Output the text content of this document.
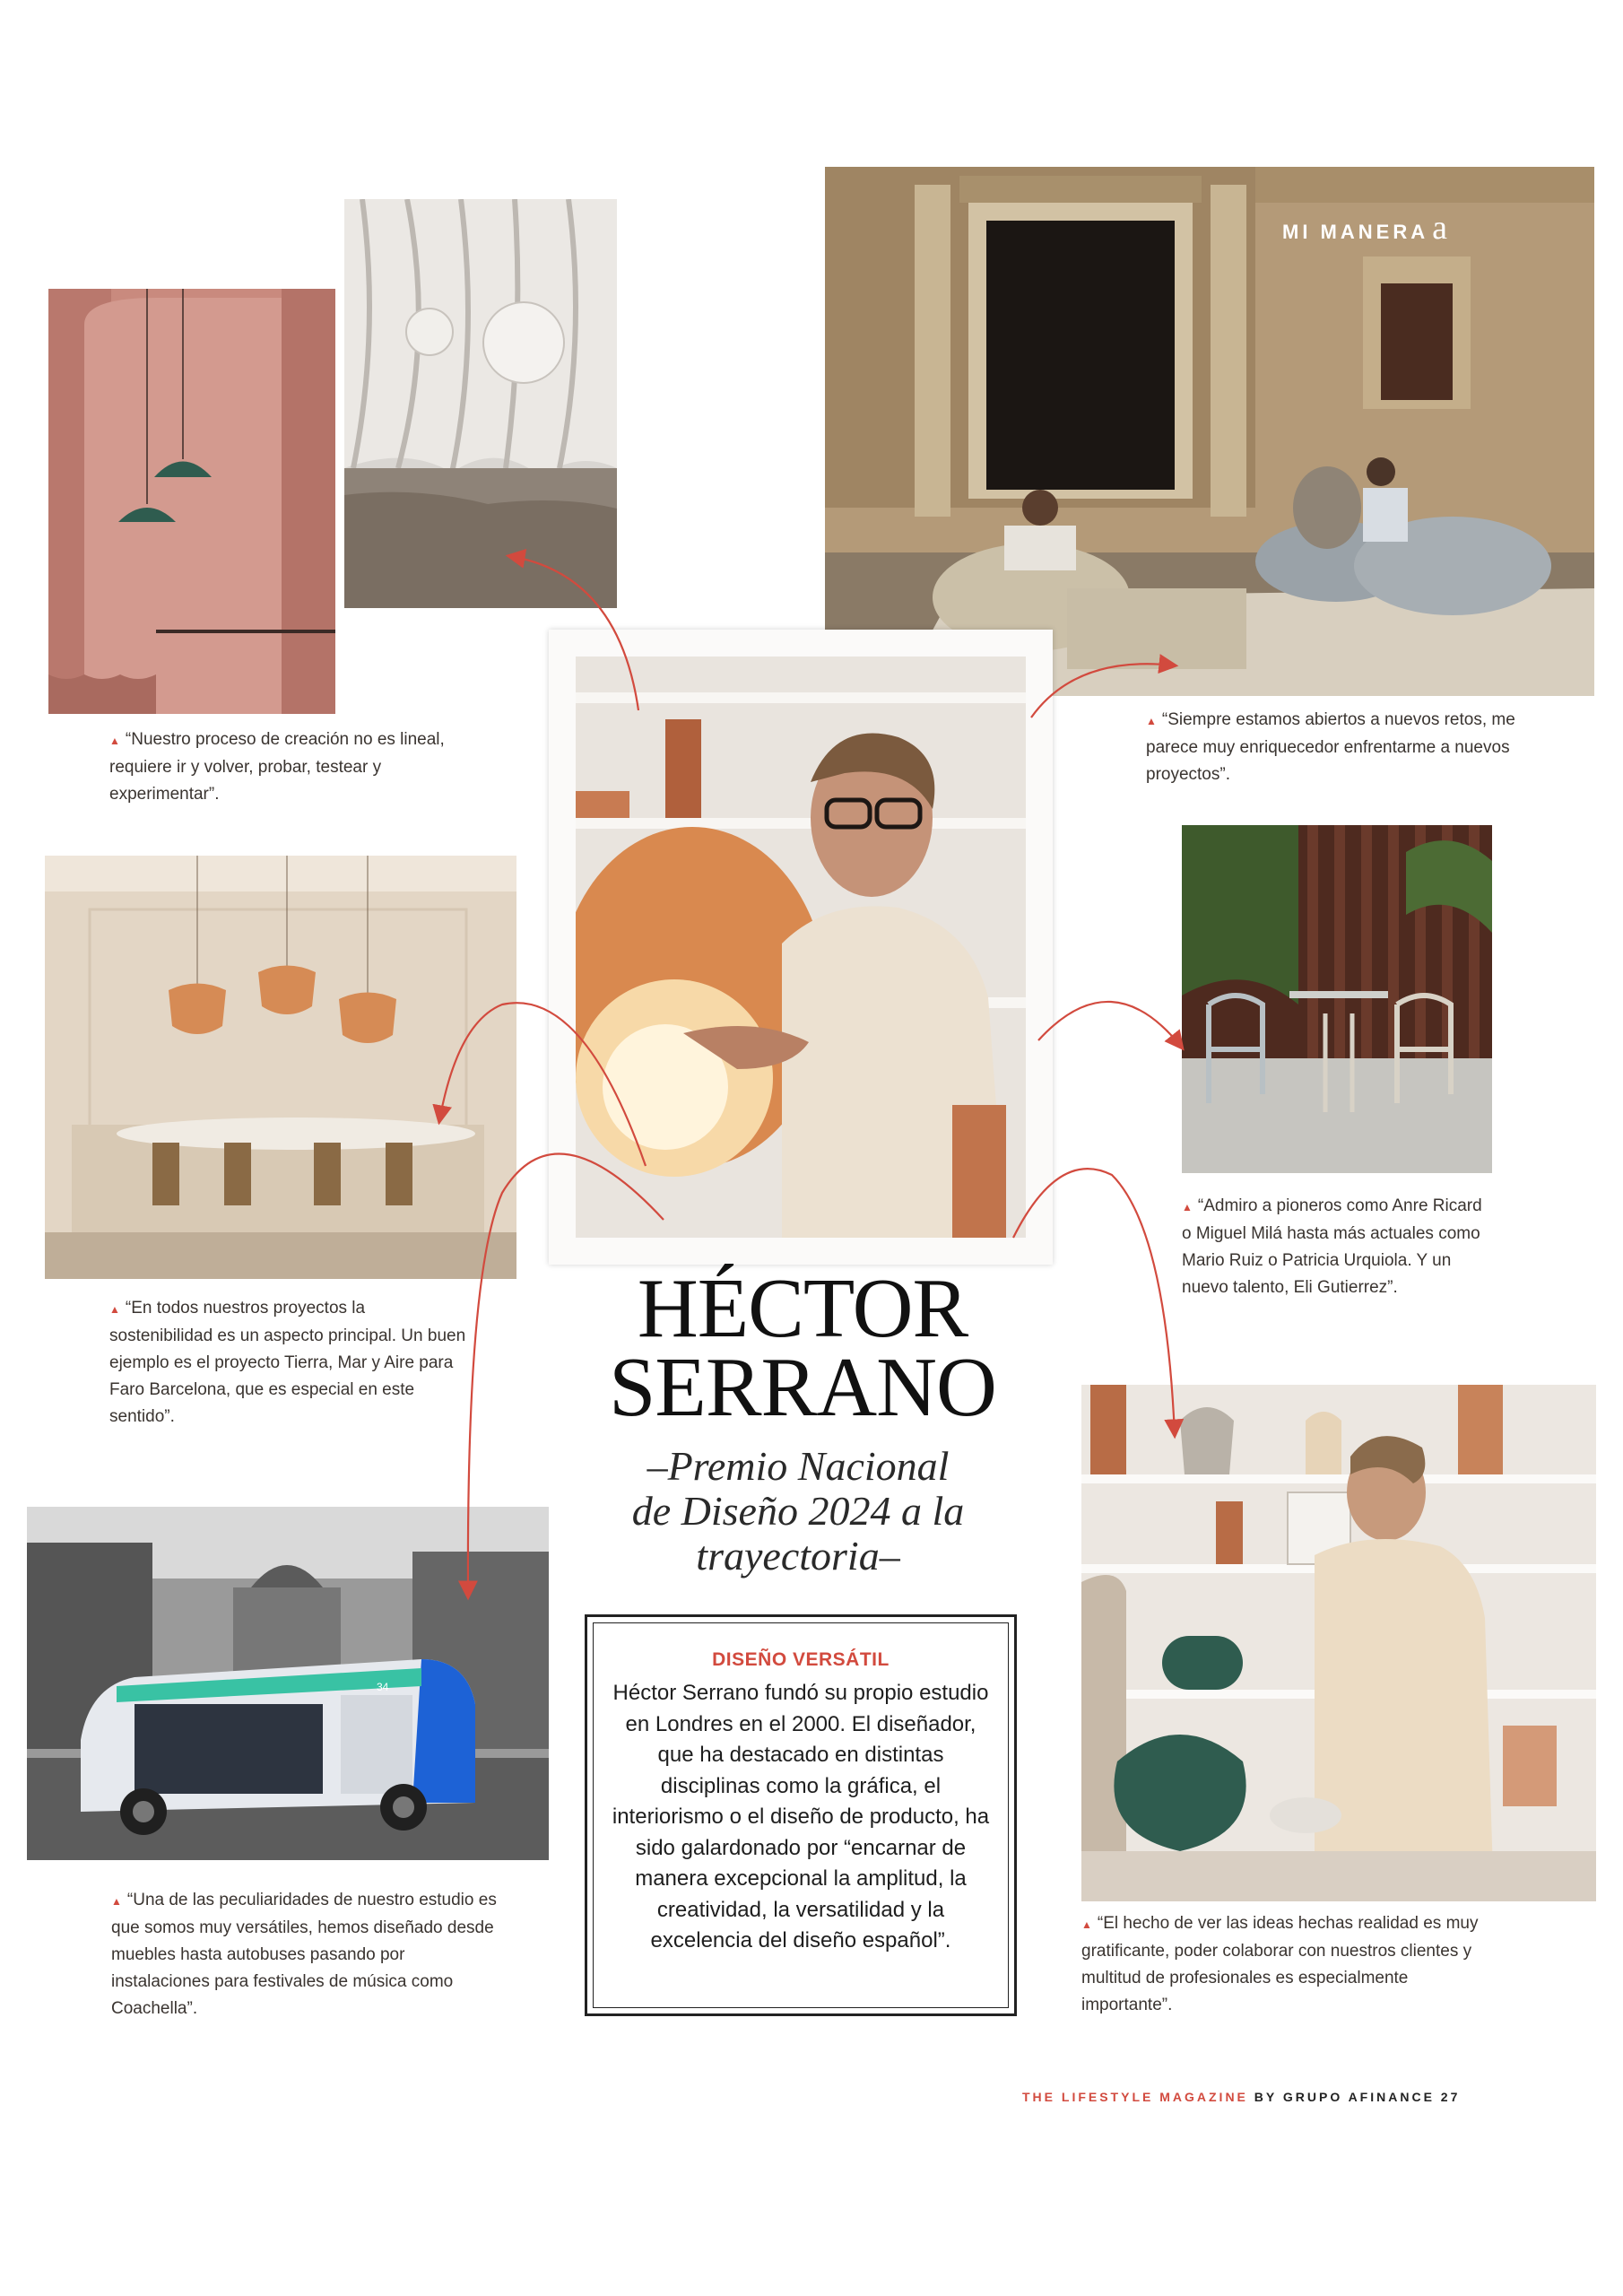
MI MANERA a
34

▲ “Nuestro proceso de creación no es lineal, requiere ir y volver, probar, testear y experimentar”.

▲ “Siempre estamos abiertos a nuevos retos, me parece muy enriquecedor enfrentarme a nuevos proyectos”.

▲ “En todos nuestros proyectos la sostenibilidad es un aspecto principal. Un buen ejemplo es el proyecto Tierra, Mar y Aire para Faro Barcelona, que es especial en este sentido”.

▲ “Admiro a pioneros como Anre Ricard o Miguel Milá hasta más actuales como Mario Ruiz o Patricia Urquiola. Y un nuevo talento, Eli Gutierrez”.

▲ “Una de las peculiaridades de nuestro estudio es que somos muy versátiles, hemos diseñado desde muebles hasta autobuses pasando por instalaciones para festivales de música como Coachella”.

▲ “El hecho de ver las ideas hechas realidad es muy gratificante, poder colaborar con nuestros clientes y multitud de profesionales es especialmente importante”.

HÉCTOR
SERRANO

–Premio Nacional
de Diseño 2024 a la
trayectoria–

DISEÑO VERSÁTIL

Héctor Serrano fundó su propio estudio en Londres en el 2000. El diseñador, que ha destacado en distintas disciplinas como la gráfica, el interiorismo o el diseño de producto, ha sido galardonado por “encarnar de manera excepcional la amplitud, la creatividad, la versatilidad y la excelencia del diseño español”.

THE LIFESTYLE MAGAZINE BY GRUPO AFINANCE 27
